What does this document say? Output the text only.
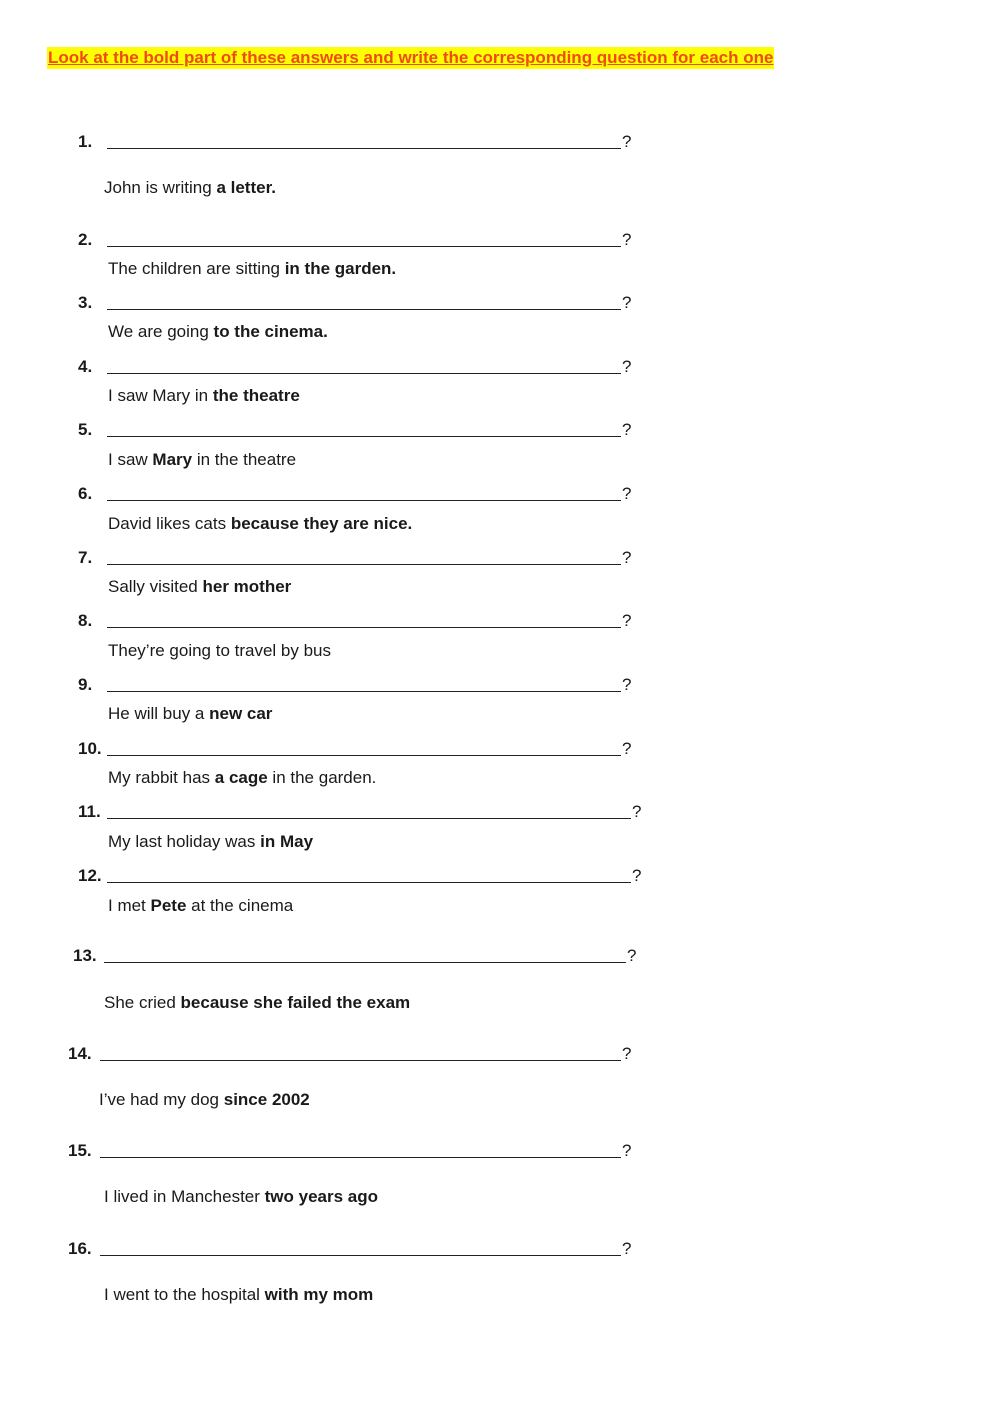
Look at the bold part of these answers and write the corresponding question for each one
1.	?
John is writing a letter.
2.	?
The children are sitting in the garden.
3.	?
We are going to the cinema.
4.	?
I saw Mary in the theatre
5.	?
I saw Mary in the theatre
6.	?
David likes cats because they are nice.
7.	?
Sally visited her mother
8.	?
They’re going to travel by bus
9.	?
He will buy a new car
10.	?
My rabbit has a cage in the garden.
11.	?
My last holiday was in May
12.	?
I met Pete at the cinema
13.	?
She cried because she failed the exam
14.	?
I’ve had my dog since 2002
15.	?
I lived in Manchester two years ago
16.	?
I went to the hospital with my mom
